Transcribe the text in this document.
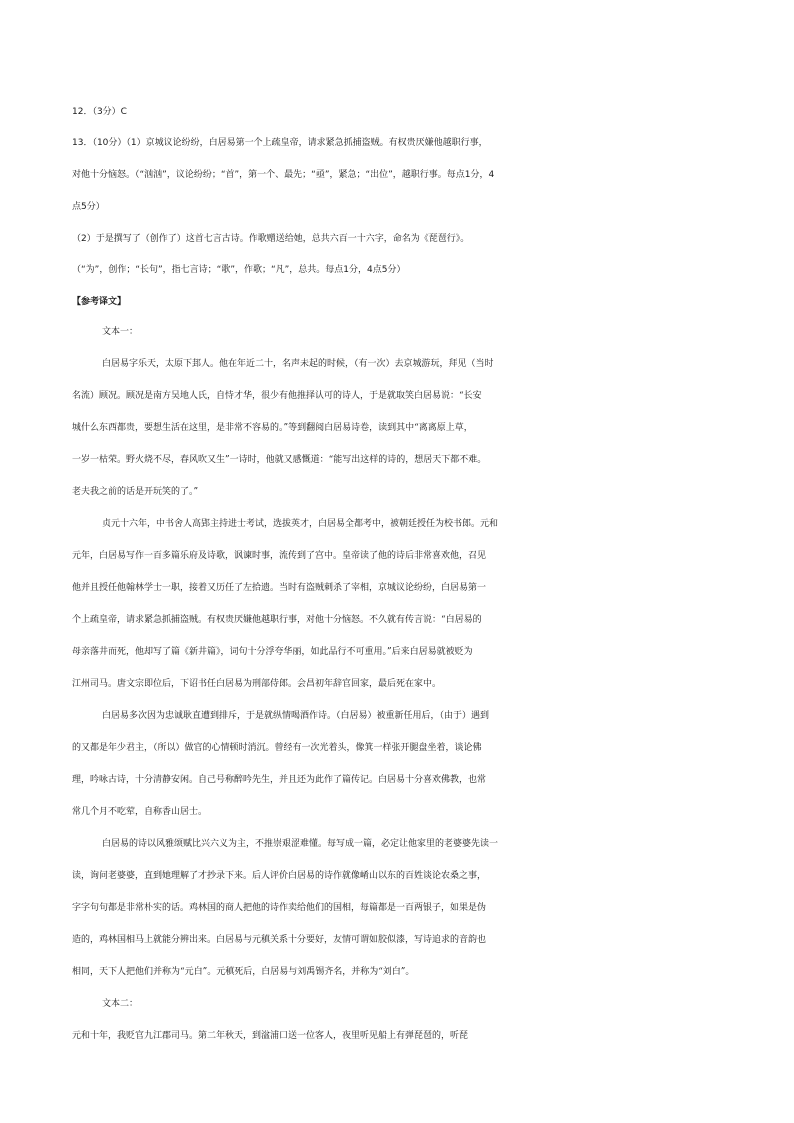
12．（3分）C
13．（10分）（1）京城议论纷纷，白居易第一个上疏皇帝，请求紧急抓捕盗贼。有权贵厌嫌他越职行事，
对他十分恼怒。（“汹汹”，议论纷纷；“首”，第一个、最先；“亟”，紧急；“出位”，越职行事。每点1分，4
点5分）
（2）于是撰写了（创作了）这首七言古诗。作歌赠送给她，总共六百一十六字，命名为《琵琶行》。
（“为”，创作；“长句”，指七言诗；“歌”，作歌；“凡”，总共。每点1分，4点5分）
【参考译文】
文本一：
白居易字乐天，太原下邽人。他在年近二十，名声未起的时候，（有一次）去京城游玩，拜见（当时
名流）顾况。顾况是南方吴地人氏，自恃才华，很少有他推择认可的诗人，于是就取笑白居易说：“长安
城什么东西都贵，要想生活在这里，是非常不容易的。”等到翻阅白居易诗卷，读到其中“离离原上草，
一岁一枯荣。野火烧不尽，春风吹又生”一诗时，他就又感慨道：“能写出这样的诗的，想居天下都不难。
老夫我之前的话是开玩笑的了。”
贞元十六年，中书舍人高郢主持进士考试，选拔英才，白居易全都考中，被朝廷授任为校书郎。元和
元年，白居易写作一百多篇乐府及诗歌，讽谏时事，流传到了宫中。皇帝读了他的诗后非常喜欢他，召见
他并且授任他翰林学士一职，接着又历任了左拾遗。当时有盗贼刺杀了宰相，京城议论纷纷，白居易第一
个上疏皇帝，请求紧急抓捕盗贼。有权贵厌嫌他越职行事，对他十分恼怒。不久就有传言说：“白居易的
母亲落井而死，他却写了篇《新井篇》，词句十分浮夸华丽，如此品行不可重用。”后来白居易就被贬为
江州司马。唐文宗即位后，下诏书任白居易为刑部侍郎。会昌初年辞官回家，最后死在家中。
白居易多次因为忠诚耿直遭到排斥，于是就纵情喝酒作诗。（白居易）被重新任用后，（由于）遇到
的又都是年少君主，（所以）做官的心情顿时消沉。曾经有一次光着头，像箕一样张开腿盘坐着，谈论佛
理，吟咏古诗，十分清静安闲。自己号称醉吟先生，并且还为此作了篇传记。白居易十分喜欢佛教，也常
常几个月不吃荤，自称香山居士。
白居易的诗以风雅颂赋比兴六义为主，不推崇艰涩难懂。每写成一篇，必定让他家里的老婆婆先读一
读，询问老婆婆，直到她理解了才抄录下来。后人评价白居易的诗作就像崤山以东的百姓谈论农桑之事，
字字句句都是非常朴实的话。鸡林国的商人把他的诗作卖给他们的国相，每篇都是一百两银子，如果是伪
造的，鸡林国相马上就能分辨出来。白居易与元稹关系十分要好，友情可谓如胶似漆，写诗追求的音韵也
相同，天下人把他们并称为“元白”。元稹死后，白居易与刘禹锡齐名，并称为“刘白”。
文本二：
元和十年，我贬官九江郡司马。第二年秋天，到湓浦口送一位客人，夜里听见船上有弹琵琶的，听琵
